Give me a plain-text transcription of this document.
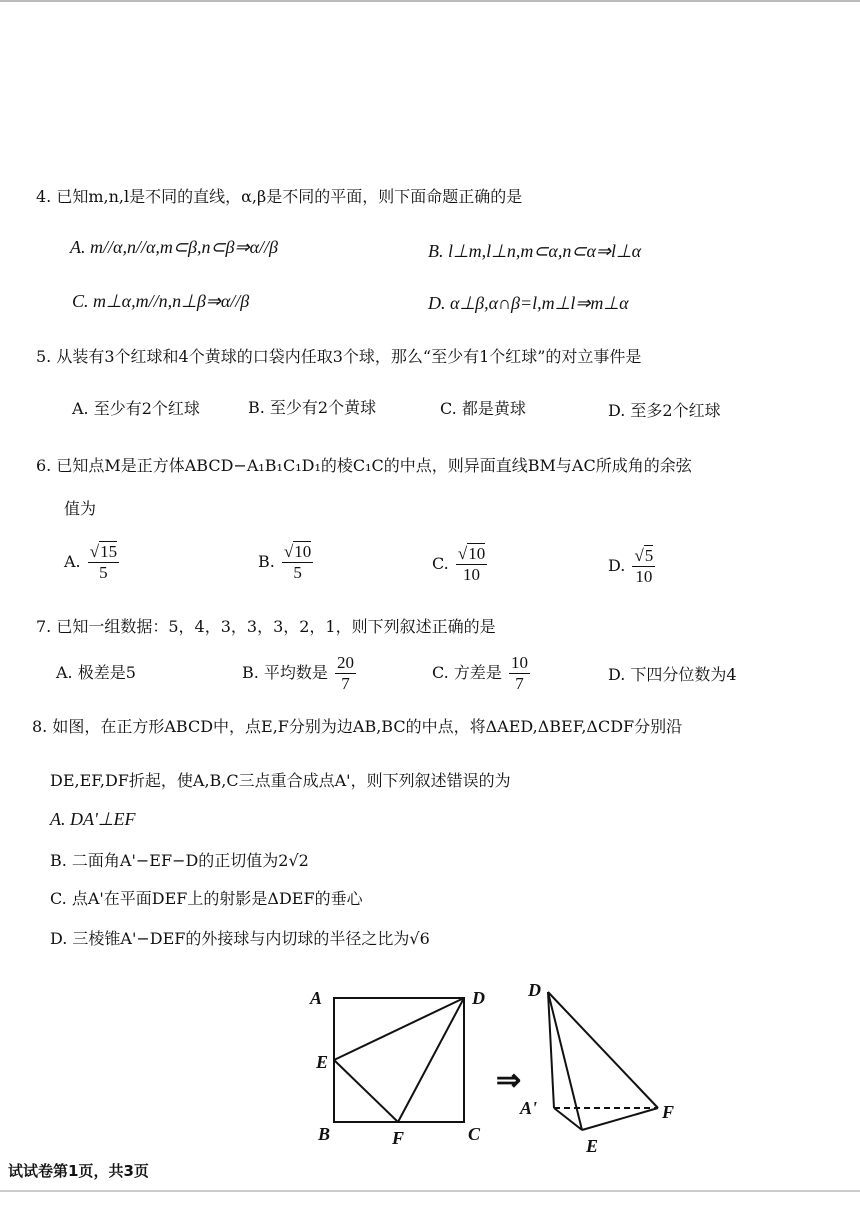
4. 已知m,n,l是不同的直线，α,β是不同的平面，则下面命题正确的是
A. m//α,n//α,m⊂β,n⊂β⇒α//β	B. l⊥m,l⊥n,m⊂α,n⊂α⇒l⊥α
C. m⊥α,m//n,n⊥β⇒α//β	D. α⊥β,α∩β=l,m⊥l⇒m⊥α
5. 从装有3个红球和4个黄球的口袋内任取3个球，那么“至少有1个红球”的对立事件是
A. 至少有2个红球	B. 至少有2个黄球	C. 都是黄球	D. 至多2个红球
6. 已知点M是正方体ABCD−A₁B₁C₁D₁的棱C₁C的中点，则异面直线BM与AC所成角的余弦
值为
A. $\frac{√15}{5}$	B. $\frac{√10}{5}$	C. $\frac{√10}{10}$	D. $\frac{√5}{10}$
7. 已知一组数据：5，4，3，3，3，2，1，则下列叙述正确的是
A. 极差是5	B. 平均数是 $\frac{20}{7}$	C. 方差是 $\frac{10}{7}$	D. 下四分位数为4
8. 如图，在正方形ABCD中，点E,F分别为边AB,BC的中点，将ΔAED,ΔBEF,ΔCDF分别沿
DE,EF,DF折起，使A,B,C三点重合成点A'，则下列叙述错误的为
A. DA'⊥EF
B. 二面角A'−EF−D的正切值为2√2
C. 点A'在平面DEF上的射影是ΔDEF的垂心
D. 三棱锥A'−DEF的外接球与内切球的半径之比为√6
A	D
E
B	F	C
⇒
D
A'
E
F
试试卷第1页，共3页
